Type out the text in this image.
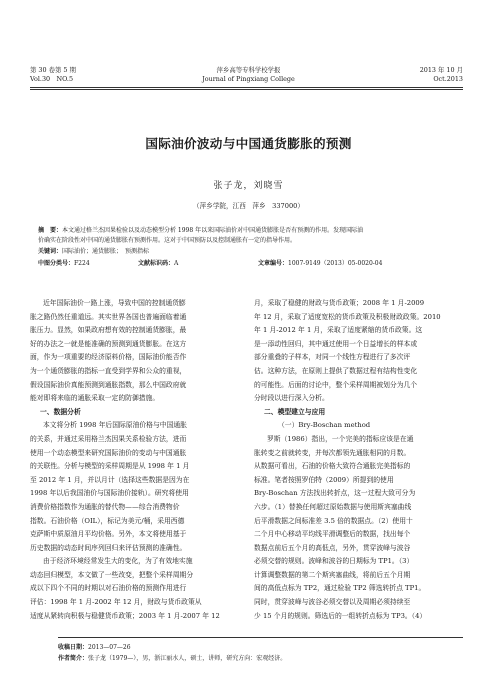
第 30 卷第 5 期
Vol.30　NO.5
萍乡高等专科学校学报
Journal of Pingxiang College
2013 年 10 月
Oct.2013
国际油价波动与中国通货膨胀的预测
张子龙，刘晓雪
（萍乡学院，江西　萍乡　337000）
摘　要：本文通过格兰杰因果检验以及动态模型分析 1998 年以来国际油价对中国通货膨胀是否有预测的作用。发现国际油
价确实在阶段性对中国的通货膨胀有预测作用。这对于中国预防以及控制通胀有一定的指导作用。
关键词：国际油价；通货膨胀；　预测指标
中图分类号：F224	文献标识码：A	文章编号：1007-9149（2013）05-0020-04

近年国际油价一路上涨，导致中国的控制通货膨

胀之路仍然任重道远。其实世界各国也普遍面临着通

胀压力。显然，如果政府想有效的控制通货膨胀，最

好的办法之一就是能准确的预测到通货膨胀。在这方

面，作为一项重要的经济原料价格，国际油价能否作

为一个通货膨胀的指标一直受到学界和公众的重视，

假设国际油价真能预测到通胀指数，那么中国政府就

能对即将来临的通胀采取一定的防御措施。

一、数据分析

本文将分析 1998 年后国际原油价格与中国通胀

的关系，并通过采用格兰杰因果关系检验方法，进而

使用一个动态模型来研究国际油价的变动与中国通胀

的关联性。分析与模型的采样周期是从 1998 年 1 月

至 2012 年 1 月，并以月计（选择这些数据是因为在

1998 年以后我国油价与国际油价接轨）。研究将使用

消费价格指数作为通胀的替代物——综合消费物价

指数。石油价格（OIL），标记为美元/桶，采用西德

克萨斯中质原油月平均价格。另外，本文将使用基于

历史数据的动态时间序列回归来评估预测的准确性。

由于经济环境经常发生大的变化，为了有效地实施

动态回归模型，本文做了一些改变，把整个采样周期分

成以下四个不同的时期以对石油价格的预测作用进行

评估：1998 年 1 月-2002 年 12 月，财政与货币政策从

适度从紧转向积极与稳健货币政策；2003 年 1 月-2007 年 12

月，采取了稳健的财政与货币政策；2008 年 1 月-2009

年 12 月，采取了适度宽松的货币政策及积极财政政策。2010

年 1 月-2012 年 1 月，采取了适度紧缩的货币政策。这

是一添动性回归，其中通过使用一个日益增长的样本或

部分重叠的子样本，对同一个线性方程进行了多次评

估。这种方法，在原则上提供了数据过程有结构性变化

的可能性。后面的讨论中，整个采样周期被划分为几个

分时段以进行深入分析。

二、模型建立与应用

（一）Bry-Boschan method

罗斯（1986）指出，一个完美的指标应该是在通

胀转变之前就转变，并每次都领先通胀相同的月数。

从数据可看出，石油的价格大致符合通胀完美指标的

标准。笔者按照罗伯特（2009）所提到的使用

Bry-Boschan 方法找出转折点，这一过程大致可分为

六步。（1）替换任何超过原始数据与使用斯宾塞曲线

后平滑数据之间标准差 3.5 倍的数据点。（2）使用十

二个月中心移动平均线平滑调整后的数据，找出每个

数据点前后五个月的高低点，另外，贯穿波峰与波谷

必须交替的规则。波峰和波谷的日期标为 TP1。（3）

计算调整数据的第二个斯宾塞曲线，将前后五个月期

间的高低点标为 TP2，通过检验 TP2 筛选转折点 TP1。

同时，贯穿波峰与波谷必须交替以及周期必须持续至

少 15 个月的规则。筛选后的一组转折点标为 TP3。（4）

收稿日期：2013—07—26
作者简介：张子龙（1979—），男，浙江丽水人，硕士，讲师，研究方向：宏观经济。
